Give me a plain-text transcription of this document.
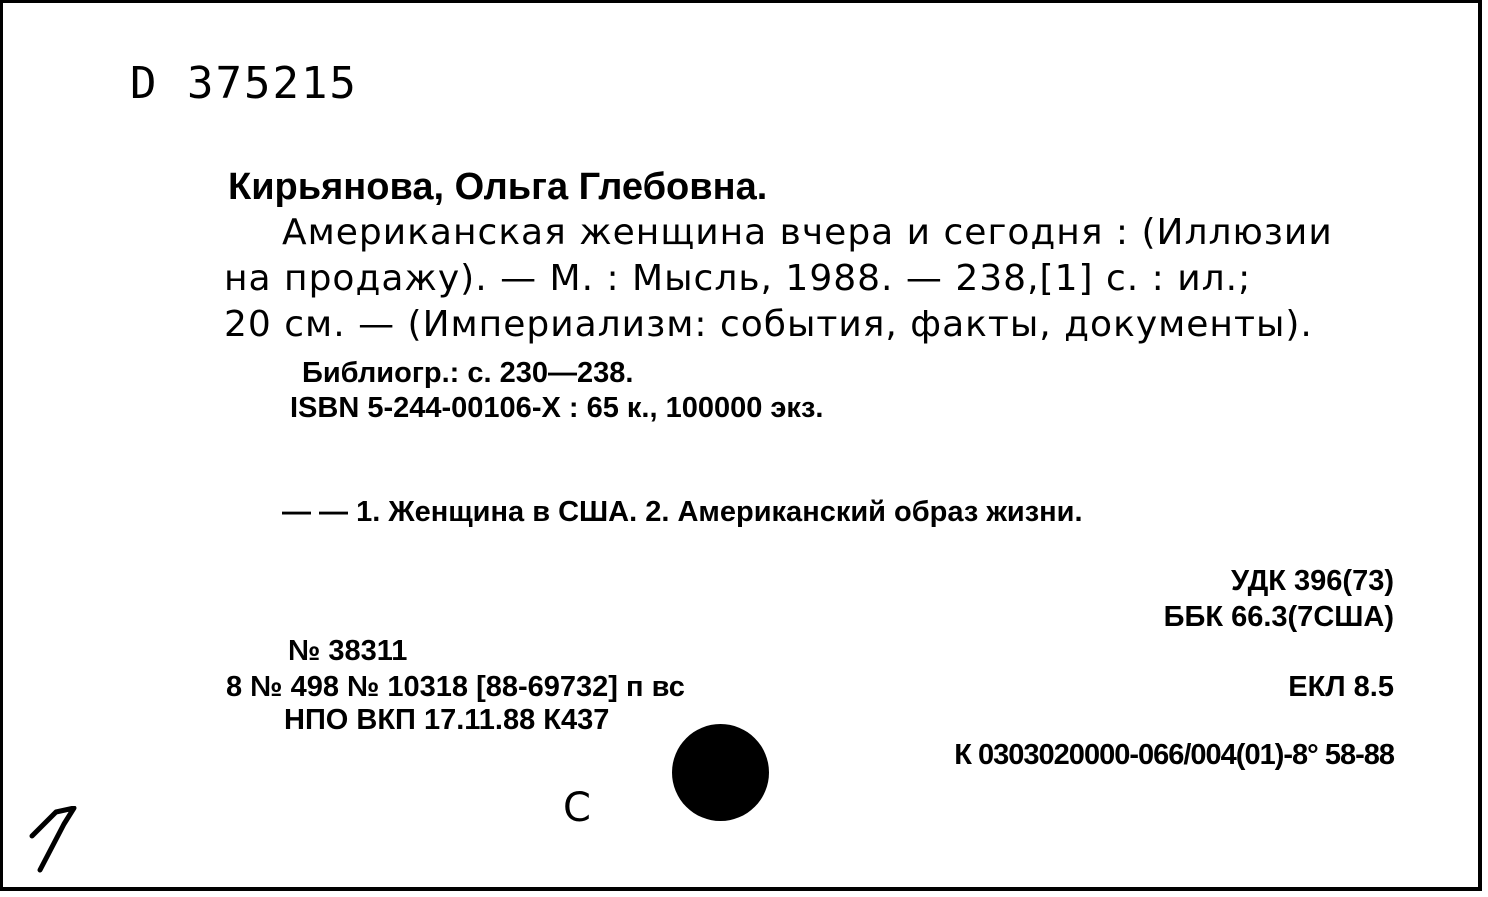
D 375215
Кирьянова, Ольга Глебовна.
Американская женщина вчера и сегодня : (Иллюзии
на продажу). — М. : Мысль, 1988. — 238,[1] с. : ил.;
20 см. — (Империализм: события, факты, документы).
Библиогр.: с. 230—238.
ISBN 5-244-00106-X : 65 к., 100000 экз.
— — 1. Женщина в США. 2. Американский образ жизни.
УДК 396(73)
ББК 66.3(7США)
№ 38311
8 № 498 № 10318 [88-69732] п вс
НПО ВКП 17.11.88 К437
ЕКЛ 8.5
К 0303020000-066/004(01)-8° 58-88
С
